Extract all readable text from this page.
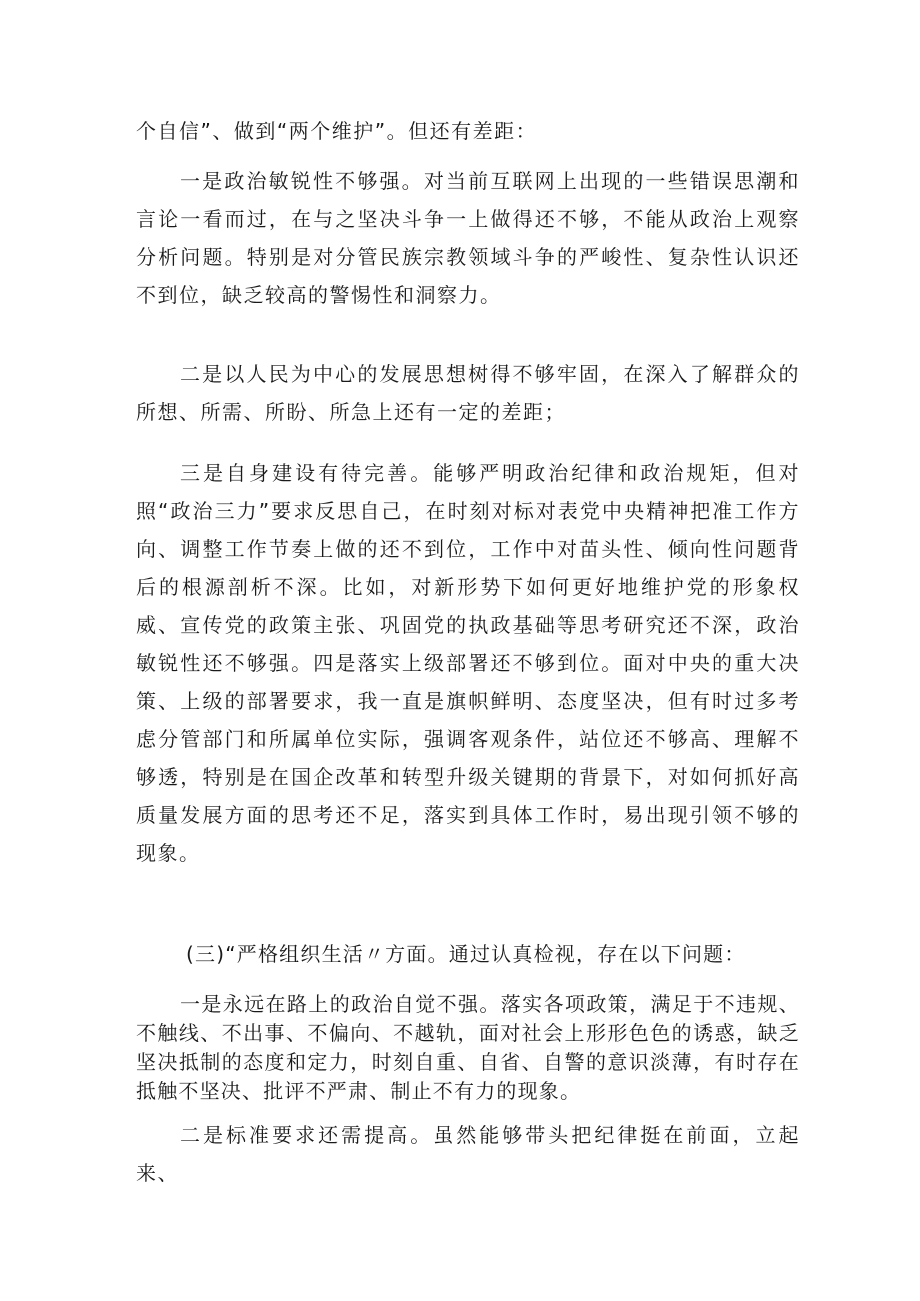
个自信”、做到“两个维护”。但还有差距：

一是政治敏锐性不够强。对当前互联网上出现的一些错误思潮和言论一看而过，在与之坚决斗争一上做得还不够，不能从政治上观察分析问题。特别是对分管民族宗教领域斗争的严峻性、复杂性认识还不到位，缺乏较高的警惕性和洞察力。

二是以人民为中心的发展思想树得不够牢固，在深入了解群众的所想、所需、所盼、所急上还有一定的差距；

三是自身建设有待完善。能够严明政治纪律和政治规矩，但对照“政治三力”要求反思自己，在时刻对标对表党中央精神把准工作方向、调整工作节奏上做的还不到位，工作中对苗头性、倾向性问题背后的根源剖析不深。比如，对新形势下如何更好地维护党的形象权威、宣传党的政策主张、巩固党的执政基础等思考研究还不深，政治敏锐性还不够强。四是落实上级部署还不够到位。面对中央的重大决策、上级的部署要求，我一直是旗帜鲜明、态度坚决，但有时过多考虑分管部门和所属单位实际，强调客观条件，站位还不够高、理解不够透，特别是在国企改革和转型升级关键期的背景下，对如何抓好高质量发展方面的思考还不足，落实到具体工作时，易出现引领不够的现象。

(三)“严格组织生活〃方面。通过认真检视，存在以下问题：

一是永远在路上的政治自觉不强。落实各项政策，满足于不违规、不触线、不出事、不偏向、不越轨，面对社会上形形色色的诱惑，缺乏坚决抵制的态度和定力，时刻自重、自省、自警的意识淡薄，有时存在抵触不坚决、批评不严肃、制止不有力的现象。

二是标准要求还需提高。虽然能够带头把纪律挺在前面，立起来、
